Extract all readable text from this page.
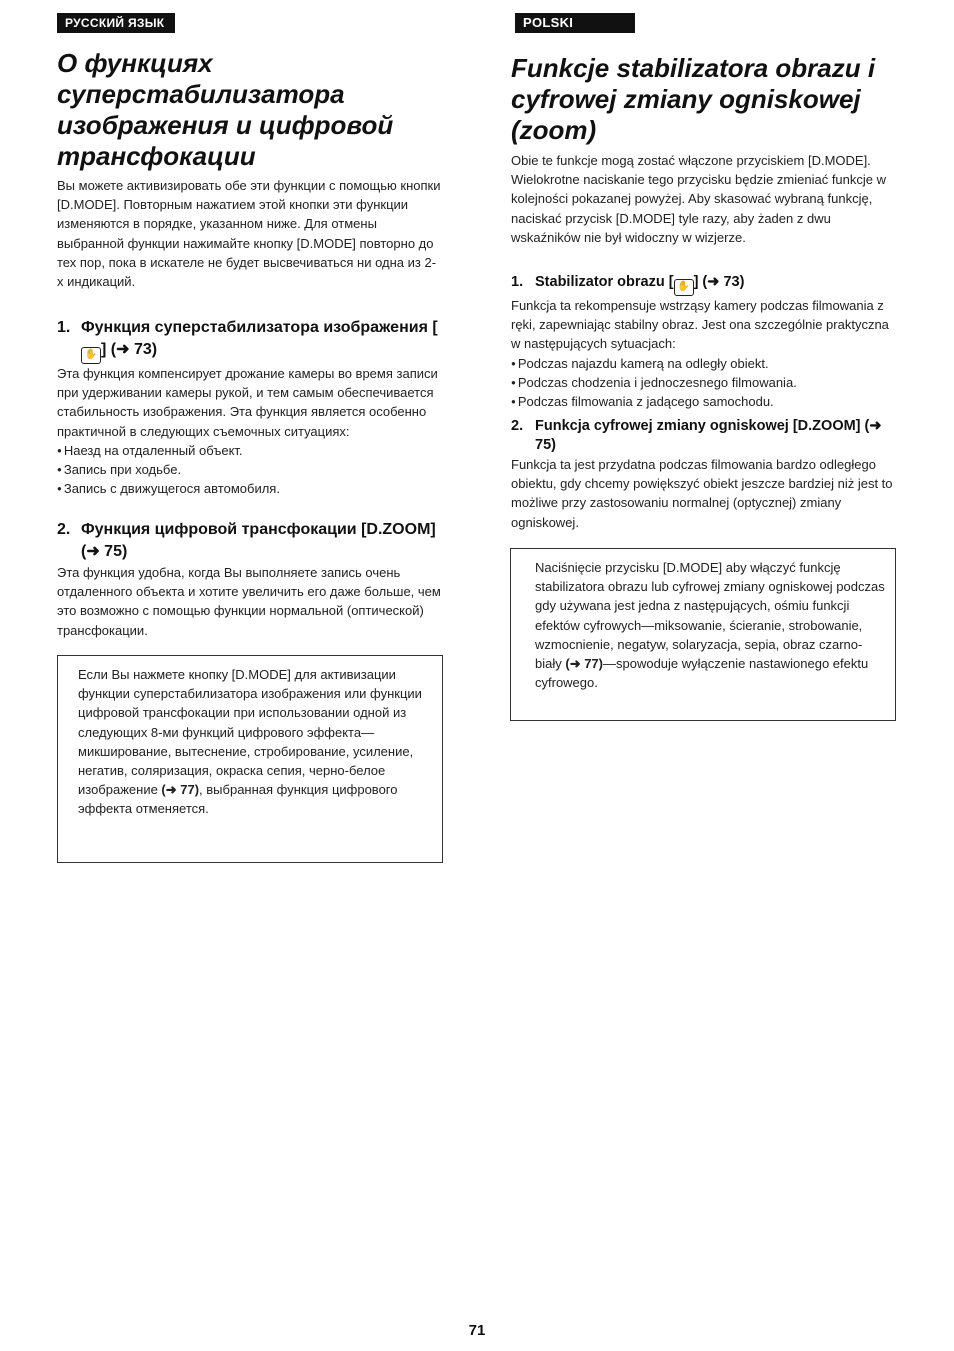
РУССКИЙ ЯЗЫК
О функциях суперстабилизатора изображения и цифровой трансфокации

Вы можете активизировать обе эти функции с помощью кнопки [D.MODE]. Повторным нажатием этой кнопки эти функции изменяются в порядке, указанном ниже. Для отмены выбранной функции нажимайте кнопку [D.MODE] повторно до тех пор, пока в искателе не будет высвечиваться ни одна из 2-х индикаций.

1. Функция суперстабилизатора изображения [✋ ] (➜ 73)

Эта функция компенсирует дрожание камеры во время записи при удерживании камеры рукой, и тем самым обеспечивается стабильность изображения. Эта функция является особенно практичной в следующих съемочных ситуациях:

● Наезд на отдаленный объект.
● Запись при ходьбе.
● Запись с движущегося автомобиля.

2. Функция цифровой трансфокации [D.ZOOM] (➜ 75)

Эта функция удобна, когда Вы выполняете запись очень отдаленного объекта и хотите увеличить его даже больше, чем это возможно с помощью функции нормальной (оптической) трансфокации.

Если Вы нажмете кнопку [D.MODE] для активизации функции суперстабилизатора изображения или функции цифровой трансфокации при использовании одной из следующих 8-ми функций цифрового эффекта—микширование, вытеснение, стробирование, усиление, негатив, соляризация, окраска сепия, черно-белое изображение (➜ 77), выбранная функция цифрового эффекта отменяется.

POLSKI
Funkcje stabilizatora obrazu i cyfrowej zmiany ogniskowej (zoom)

Obie te funkcje mogą zostać włączone przyciskiem [D.MODE]. Wielokrotne naciskanie tego przycisku będzie zmieniać funkcje w kolejności pokazanej powyżej. Aby skasować wybraną funkcję, naciskać przycisk [D.MODE] tyle razy, aby żaden z dwu wskaźników nie był widoczny w wizjerze.

1. Stabilizator obrazu [ ✋ ] (➜ 73)

Funkcja ta rekompensuje wstrząsy kamery podczas filmowania z ręki, zapewniając stabilny obraz. Jest ona szczególnie praktyczna w następujących sytuacjach:

● Podczas najazdu kamerą na odległy obiekt.
● Podczas chodzenia i jednoczesnego filmowania.
● Podczas filmowania z jadącego samochodu.

2. Funkcja cyfrowej zmiany ogniskowej [D.ZOOM] (➜ 75)

Funkcja ta jest przydatna podczas filmowania bardzo odległego obiektu, gdy chcemy powiększyć obiekt jeszcze bardziej niż jest to możliwe przy zastosowaniu normalnej (optycznej) zmiany ogniskowej.

Naciśnięcie przycisku [D.MODE] aby włączyć funkcję stabilizatora obrazu lub cyfrowej zmiany ogniskowej podczas gdy używana jest jedna z następujących, ośmiu funkcji efektów cyfrowych—miksowanie, ścieranie, strobowanie, wzmocnienie, negatyw, solaryzacja, sepia, obraz czarno-biały (➜ 77)—spowoduje wyłączenie nastawionego efektu cyfrowego.

71
